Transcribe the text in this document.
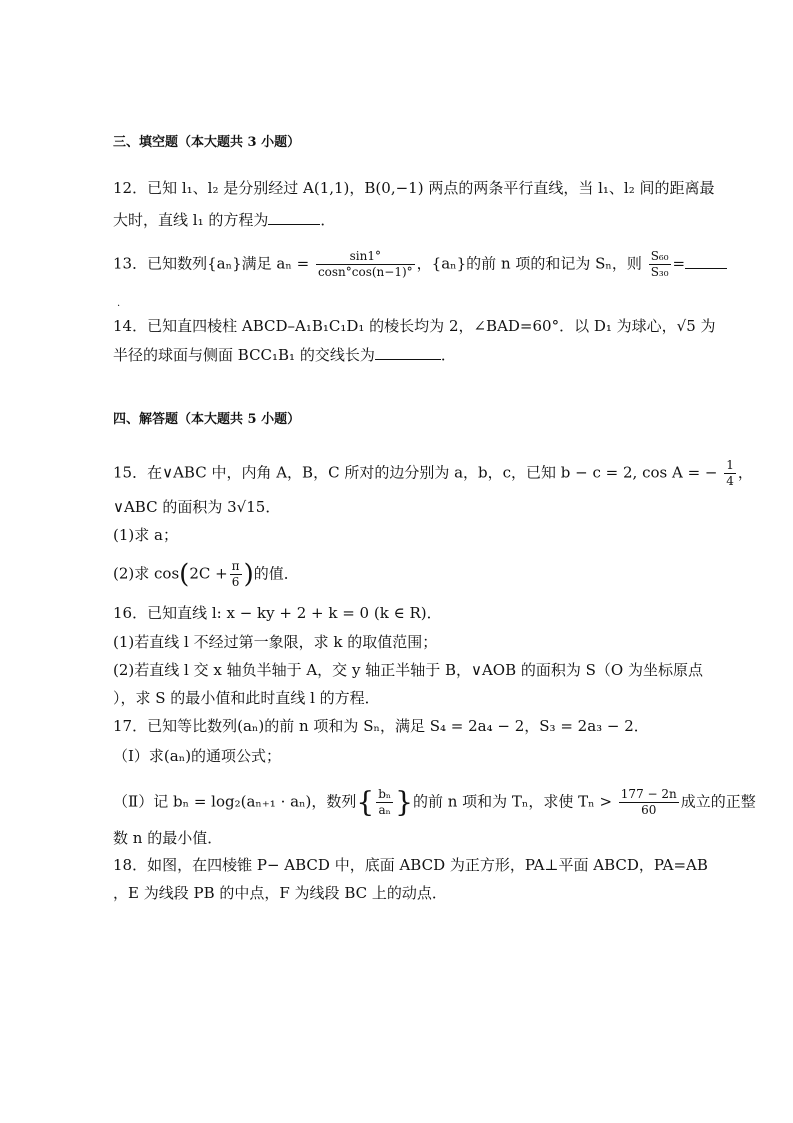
三、填空题（本大题共 3 小题）
12．已知 l₁、l₂ 是分别经过 A(1,1)，B(0,−1) 两点的两条平行直线，当 l₁、l₂ 间的距离最
大时，直线 l₁ 的方程为	．
13．已知数列{aₙ}满足 $a_n = \frac{\sin 1^\circ}{\cos n^\circ\cos(n-1)^\circ}$ ，{aₙ}的前 n 项的和记为 Sₙ，则 $\frac{\text{S₆₀}}{\text{S₃₀}}$ =
.
14．已知直四棱柱 ABCD–A₁B₁C₁D₁ 的棱长均为 2，∠BAD=60°．以 D₁ 为球心，√5 为
半径的球面与侧面 BCC₁B₁ 的交线长为	．
四、解答题（本大题共 5 小题）
15．在∨ABC 中，内角 A，B，C 所对的边分别为 a，b，c，已知 b − c = 2, cos A = − $\frac{1}{4}$ ，
∨ABC 的面积为 3√15．
(1)求 a；
(2)求 $\cos(2C + \frac{\pi}{6}$ )的值．
16．已知直线 l: x − ky + 2 + k = 0 (k ∈ R)．
(1)若直线 l 不经过第一象限，求 k 的取值范围；
(2)若直线 l 交 x 轴负半轴于 A，交 y 轴正半轴于 B，∨AOB 的面积为 S（O 为坐标原点
），求 S 的最小值和此时直线 l 的方程．
17．已知等比数列(aₙ)的前 n 项和为 Sₙ，满足 S₄ = 2a₄ − 2，S₃ = 2a₃ − 2．
（Ⅰ）求(aₙ)的通项公式；
（Ⅱ）记 bₙ = log₂(aₙ₊₁ · aₙ)，数列{ $\frac{\text{bₙ}}{\text{aₙ}}$ }的前 n 项和为 Tₙ，求使 $T_n > \frac{177 - 2n}{60}$ 成立的正整
数 n 的最小值．
18．如图，在四棱锥 P− ABCD 中，底面 ABCD 为正方形，PA⊥平面 ABCD，PA=AB
，E 为线段 PB 的中点，F 为线段 BC 上的动点．
